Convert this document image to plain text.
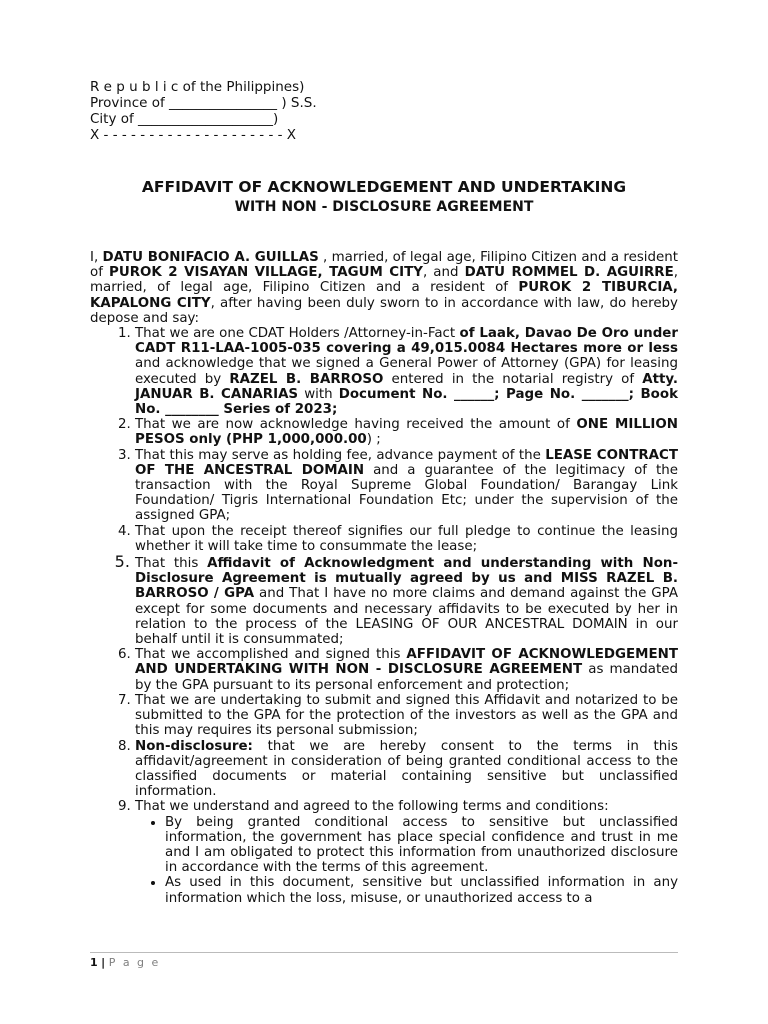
R e p u b l i c of the Philippines)
Province of ________________ ) S.S.
City of ____________________)
X - - - - - - - - - - - - - - - - - - - - X
AFFIDAVIT OF ACKNOWLEDGEMENT AND UNDERTAKING
WITH NON - DISCLOSURE AGREEMENT

I, DATU BONIFACIO A. GUILLAS , married, of legal age, Filipino Citizen and a resident of PUROK 2 VISAYAN VILLAGE, TAGUM CITY, and DATU ROMMEL D. AGUIRRE, married, of legal age, Filipino Citizen and a resident of PUROK 2 TIBURCIA, KAPALONG CITY, after having been duly sworn to in accordance with law, do hereby depose and say:

1. That we are one CDAT Holders /Attorney-in-Fact of Laak, Davao De Oro under CADT R11-LAA-1005-035 covering a 49,015.0084 Hectares more or less and acknowledge that we signed a General Power of Attorney (GPA) for leasing executed by RAZEL B. BARROSO entered in the notarial registry of Atty. JANUAR B. CANARIAS with Document No. ______; Page No. _______; Book No. ________ Series of 2023;
2. That we are now acknowledge having received the amount of ONE MILLION PESOS only (PHP 1,000,000.00) ;
3. That this may serve as holding fee, advance payment of the LEASE CONTRACT OF THE ANCESTRAL DOMAIN and a guarantee of the legitimacy of the transaction with the Royal Supreme Global Foundation/ Barangay Link Foundation/ Tigris International Foundation Etc; under the supervision of the assigned GPA;
4. That upon the receipt thereof signifies our full pledge to continue the leasing whether it will take time to consummate the lease;
5. That this Affidavit of Acknowledgment and understanding with Non-Disclosure Agreement is mutually agreed by us and MISS RAZEL B. BARROSO / GPA and That I have no more claims and demand against the GPA except for some documents and necessary affidavits to be executed by her in relation to the process of the LEASING OF OUR ANCESTRAL DOMAIN in our behalf until it is consummated;
6. That we accomplished and signed this AFFIDAVIT OF ACKNOWLEDGEMENT AND UNDERTAKING WITH NON - DISCLOSURE AGREEMENT as mandated by the GPA pursuant to its personal enforcement and protection;
7. That we are undertaking to submit and signed this Affidavit and notarized to be submitted to the GPA for the protection of the investors as well as the GPA and this may requires its personal submission;
8. Non-disclosure: that we are hereby consent to the terms in this affidavit/agreement in consideration of being granted conditional access to the classified documents or material containing sensitive but unclassified information.
9. That we understand and agreed to the following terms and conditions:
• By being granted conditional access to sensitive but unclassified information, the government has place special confidence and trust in me and I am obligated to protect this information from unauthorized disclosure in accordance with the terms of this agreement.
• As used in this document, sensitive but unclassified information in any information which the loss, misuse, or unauthorized access to a
1 | P a g e
